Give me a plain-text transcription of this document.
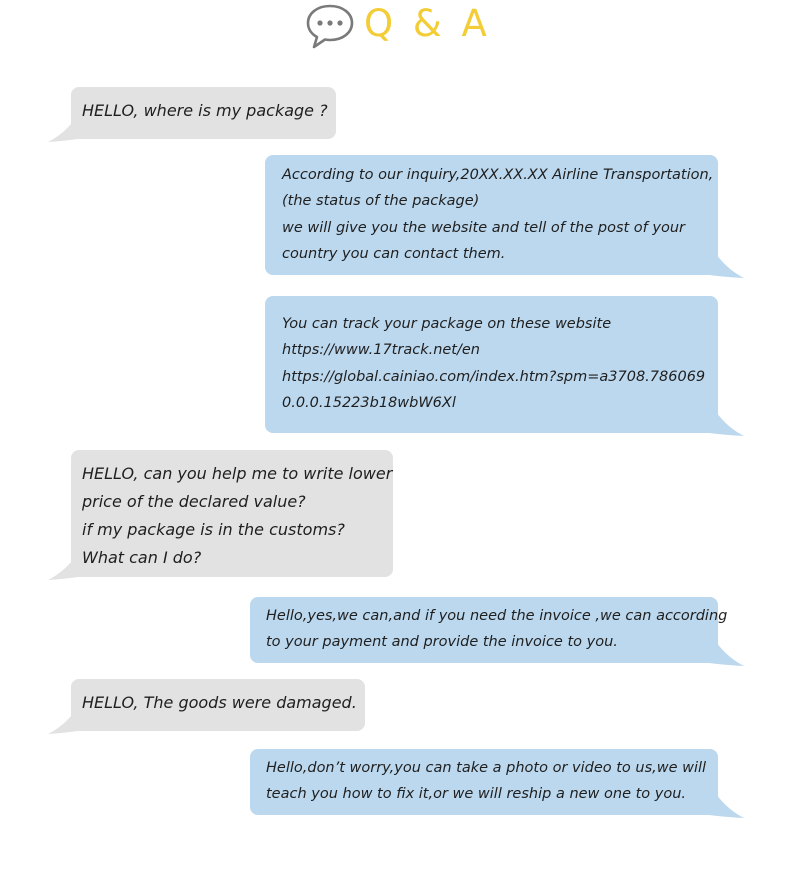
Q & A
HELLO, where is my package ?
According to our inquiry,20XX.XX.XX Airline Transportation,
(the status of the package)
we will give you the website and tell of the post of your
country you can contact them.
You can track your package on these website
https://www.17track.net/en
https://global.cainiao.com/index.htm?spm=a3708.786069
0.0.0.15223b18wbW6Xl
HELLO, can you help me to write lower
price of the declared value?
if my package is in the customs?
What can I do?
Hello,yes,we can,and if you need the invoice ,we can according
to your payment and provide the invoice to you.
HELLO, The goods were damaged.
Hello,don’t worry,you can take a photo or video to us,we will
teach you how to fix it,or we will reship a new one to you.
